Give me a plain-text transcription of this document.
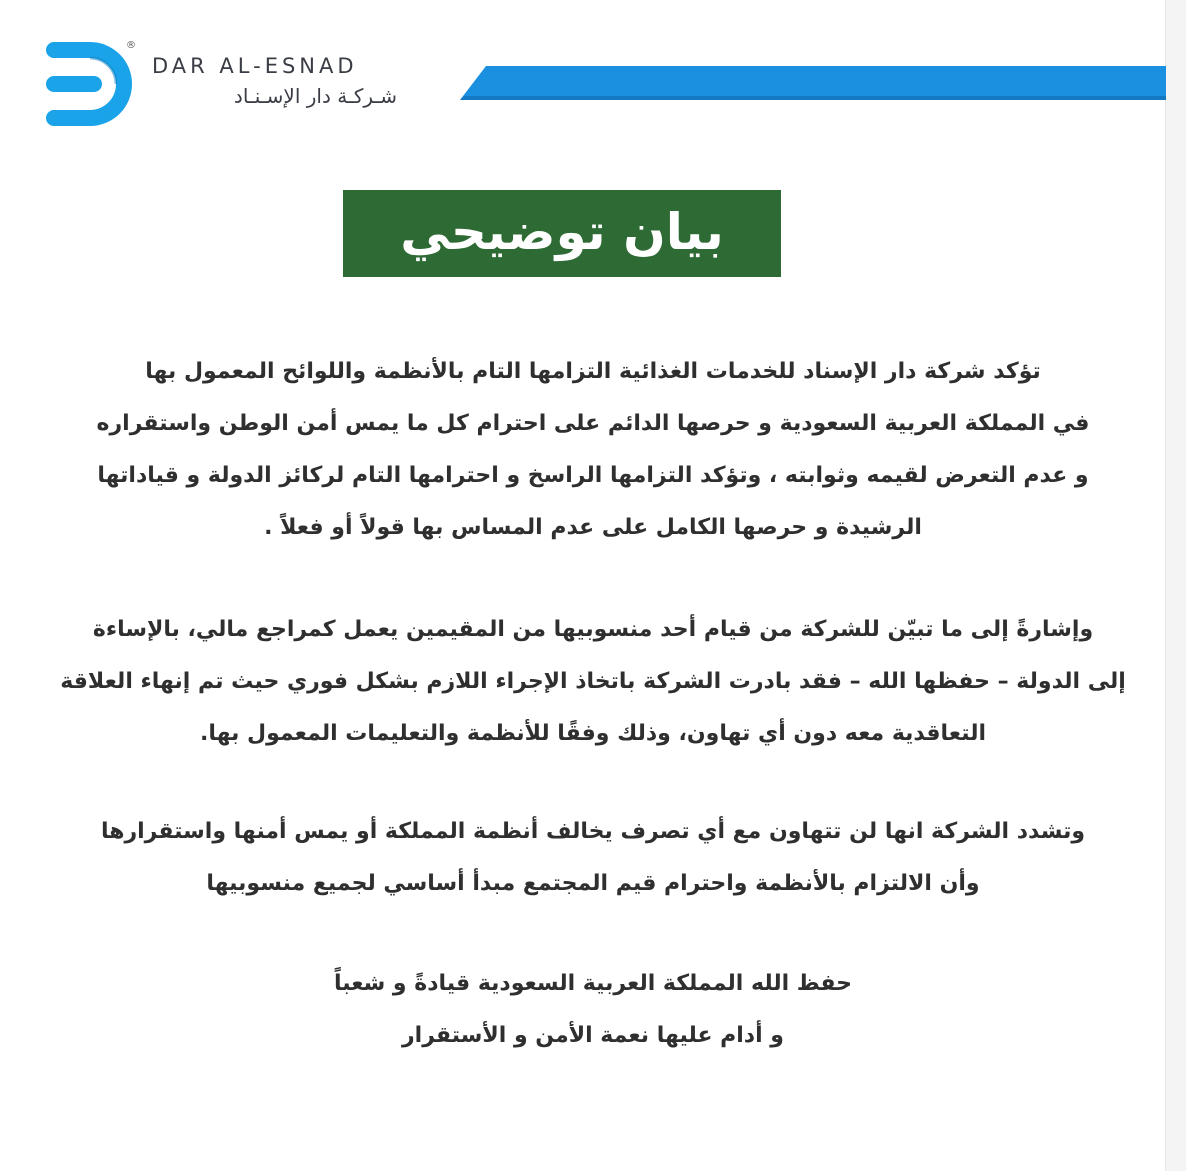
®
DAR AL-ESNAD
شـركـة دار الإسـنـاد
بيان توضيحي
تؤكد شركة دار الإسناد للخدمات الغذائية التزامها التام بالأنظمة واللوائح المعمول بها
في المملكة العربية السعودية و حرصها الدائم على احترام كل ما يمس أمن الوطن واستقراره
و عدم التعرض لقيمه وثوابته ، وتؤكد التزامها الراسخ و احترامها التام لركائز الدولة و قياداتها
الرشيدة و حرصها الكامل على عدم المساس بها قولاً أو فعلاً .
وإشارةً إلى ما تبيّن للشركة من قيام أحد منسوبيها من المقيمين يعمل كمراجع مالي، بالإساءة
إلى الدولة – حفظها الله – فقد بادرت الشركة باتخاذ الإجراء اللازم بشكل فوري حيث تم إنهاء العلاقة
التعاقدية معه دون أي تهاون، وذلك وفقًا للأنظمة والتعليمات المعمول بها.
وتشدد الشركة انها لن تتهاون مع أي تصرف يخالف أنظمة المملكة أو يمس أمنها واستقرارها
وأن الالتزام بالأنظمة واحترام قيم المجتمع مبدأ أساسي لجميع منسوبيها
حفظ الله المملكة العربية السعودية قيادةً و شعباً
و أدام عليها نعمة الأمن و الأستقرار
